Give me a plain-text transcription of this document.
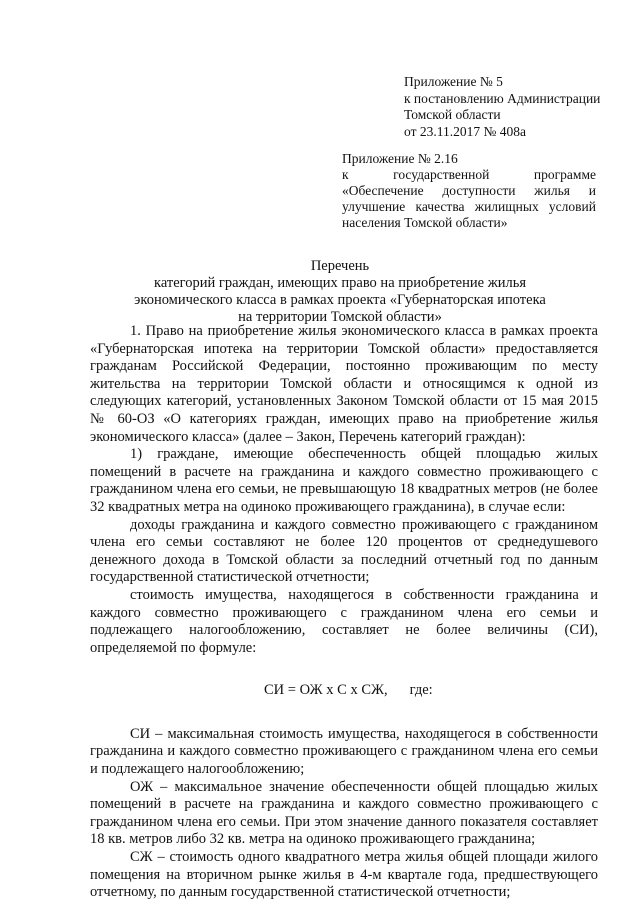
Приложение № 5
к постановлению Администрации
Томской области
от 23.11.2017 № 408а
Приложение № 2.16
к государственной программе «Обеспечение доступности жилья и улучшение качества жилищных условий населения Томской области»
Перечень
категорий граждан, имеющих право на приобретение жилья
экономического класса в рамках проекта «Губернаторская ипотека
на территории Томской области»

1. Право на приобретение жилья экономического класса в рамках проекта «Губернаторская ипотека на территории Томской области» предоставляется гражданам Российской Федерации, постоянно проживающим по месту жительства на территории Томской области и относящимся к одной из следующих категорий, установленных Законом Томской области от 15 мая 2015 № 60-ОЗ «О категориях граждан, имеющих право на приобретение жилья экономического класса» (далее – Закон, Перечень категорий граждан):

1) граждане, имеющие обеспеченность общей площадью жилых помещений в расчете на гражданина и каждого совместно проживающего с гражданином члена его семьи, не превышающую 18 квадратных метров (не более 32 квадратных метра на одиноко проживающего гражданина), в случае если:

доходы гражданина и каждого совместно проживающего с гражданином члена его семьи составляют не более 120 процентов от среднедушевого денежного дохода в Томской области за последний отчетный год по данным государственной статистической отчетности;

стоимость имущества, находящегося в собственности гражданина и каждого совместно проживающего с гражданином члена его семьи и подлежащего налогообложению, составляет не более величины (СИ), определяемой по формуле:

СИ = ОЖ х С х СЖ, где:

СИ – максимальная стоимость имущества, находящегося в собственности гражданина и каждого совместно проживающего с гражданином члена его семьи и подлежащего налогообложению;

ОЖ – максимальное значение обеспеченности общей площадью жилых помещений в расчете на гражданина и каждого совместно проживающего с гражданином члена его семьи. При этом значение данного показателя составляет 18 кв. метров либо 32 кв. метра на одиноко проживающего гражданина;

СЖ – стоимость одного квадратного метра жилья общей площади жилого помещения на вторичном рынке жилья в 4-м квартале года, предшествующего отчетному, по данным государственной статистической отчетности;
